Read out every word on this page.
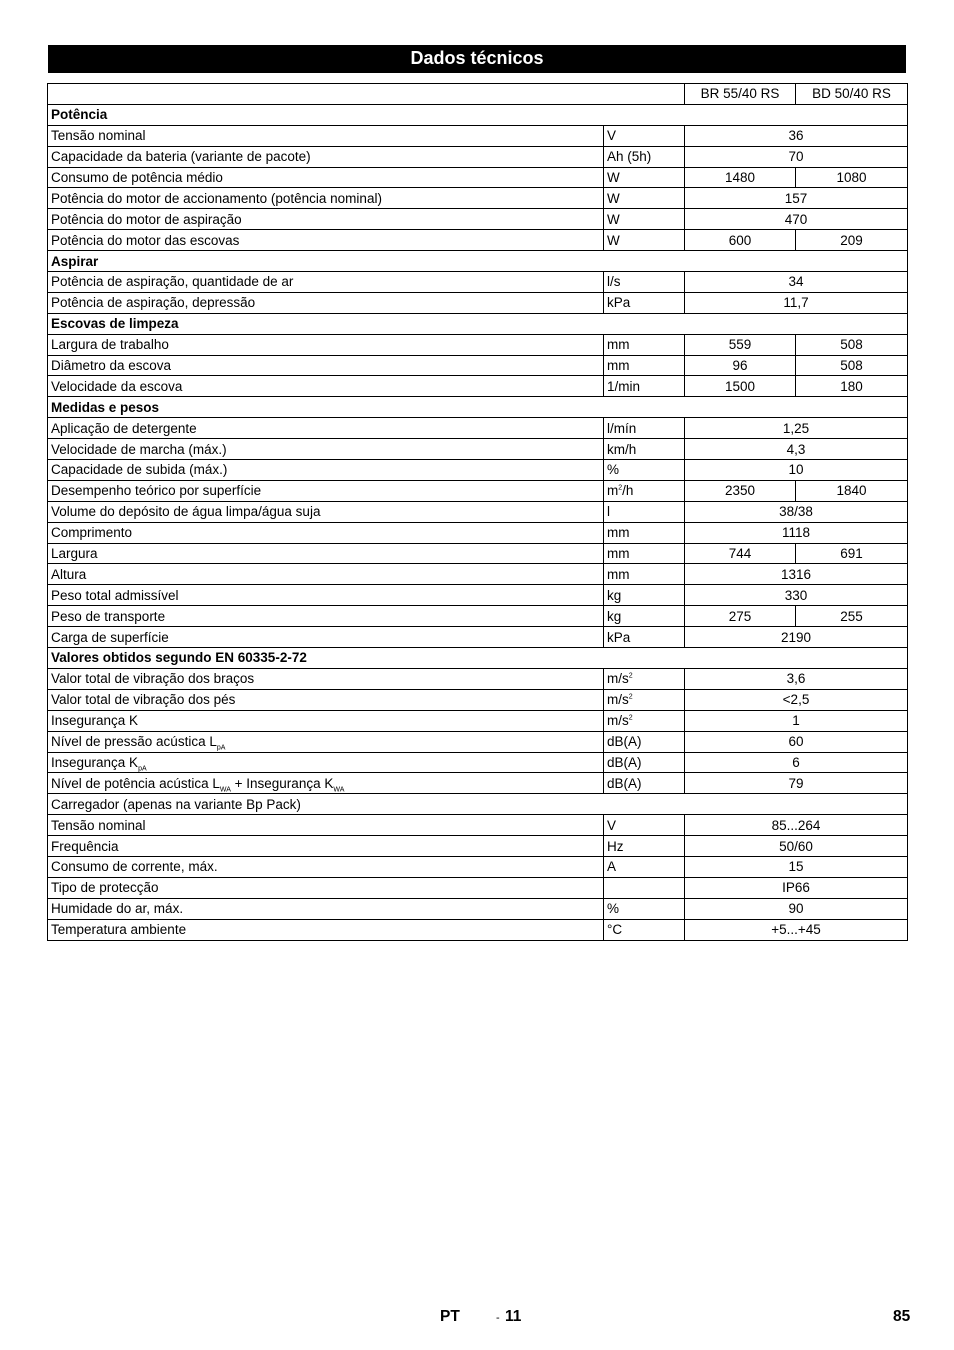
Dados técnicos
		BR 55/40 RS	BD 50/40 RS
Potência			
Tensão nominal	V	36	
Capacidade da bateria (variante de pacote)	Ah (5h)	70	
Consumo de potência médio	W	1480	1080
Potência do motor de accionamento (potência nominal)	W	157	
Potência do motor de aspiração	W	470	
Potência do motor das escovas	W	600	209
Aspirar			
Potência de aspiração, quantidade de ar	l/s	34	
Potência de aspiração, depressão	kPa	11,7	
Escovas de limpeza			
Largura de trabalho	mm	559	508
Diâmetro da escova	mm	96	508
Velocidade da escova	1/min	1500	180
Medidas e pesos			
Aplicação de detergente	l/mín	1,25	
Velocidade de marcha (máx.)	km/h	4,3	
Capacidade de subida (máx.)	%	10	
Desempenho teórico por superfície	$m^2/h$	2350	1840
Volume do depósito de água limpa/água suja	l	38/38	
Comprimento	mm	1118	
Largura	mm	744	691
Altura	mm	1316	
Peso total admissível	kg	330	
Peso de transporte	kg	275	255
Carga de superfície	kPa	2190	
Valores obtidos segundo EN 60335-2-72			
Valor total de vibração dos braços	$m/s^2$	3,6	
Valor total de vibração dos pés	$m/s^2$	<2,5	
Insegurança K	$m/s^2$	1	
Nível de pressão acústica $L_{pA}$	dB(A)	60	
Insegurança $K_{pA}$	dB(A)	6	
Nível de potência acústica $L_{WA}$ + Insegurança $K_{WA}$	dB(A)	79	
Carregador (apenas na variante Bp Pack)			
Tensão nominal	V	85...264	
Frequência	Hz	50/60	
Consumo de corrente, máx.	A	15	
Tipo de protecção		IP66	
Humidade do ar, máx.	%	90	
Temperatura ambiente	°C	+5...+45	
PT	- 11	85
